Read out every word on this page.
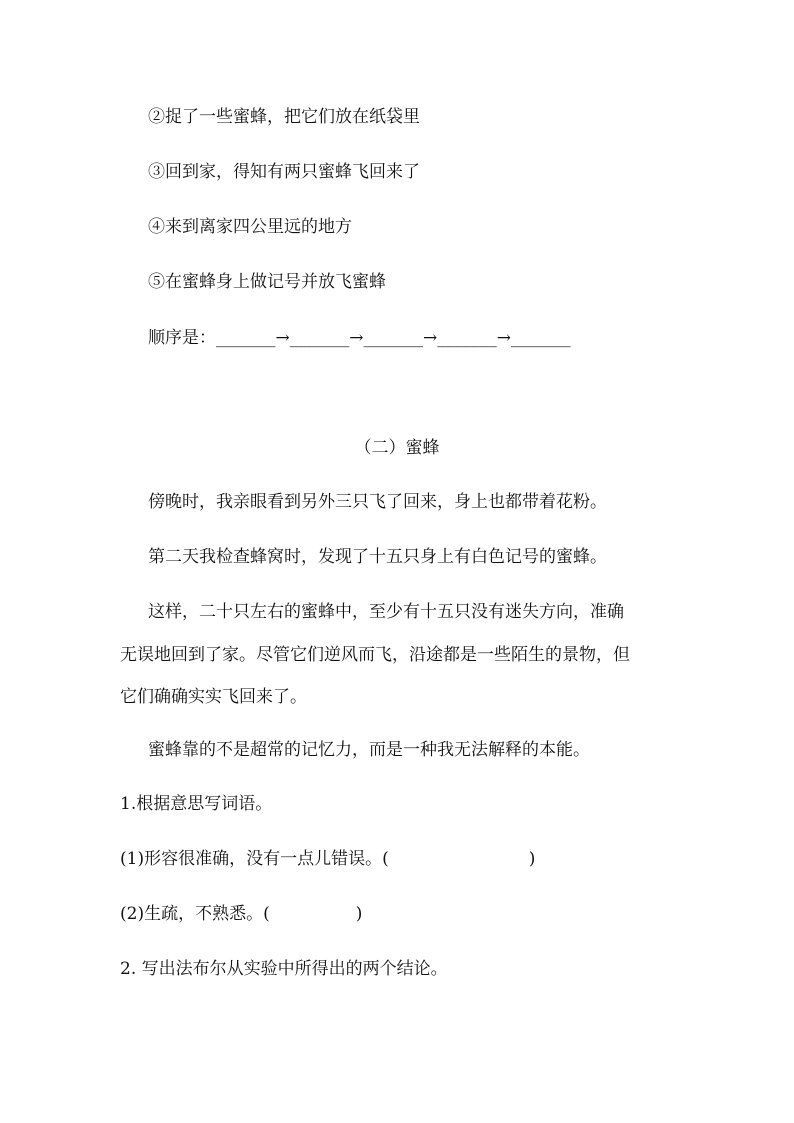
②捉了一些蜜蜂，把它们放在纸袋里
③回到家，得知有两只蜜蜂飞回来了
④来到离家四公里远的地方
⑤在蜜蜂身上做记号并放飞蜜蜂
顺序是：_______→_______→_______→_______→_______
（二）蜜蜂
傍晚时，我亲眼看到另外三只飞了回来，身上也都带着花粉。
第二天我检查蜂窝时，发现了十五只身上有白色记号的蜜蜂。
这样，二十只左右的蜜蜂中，至少有十五只没有迷失方向，准确
无误地回到了家。尽管它们逆风而飞，沿途都是一些陌生的景物，但
它们确确实实飞回来了。
蜜蜂靠的不是超常的记忆力，而是一种我无法解释的本能。
1.根据意思写词语。
(1)形容很准确，没有一点儿错误。(	)
(2)生疏，不熟悉。(	)
2. 写出法布尔从实验中所得出的两个结论。
